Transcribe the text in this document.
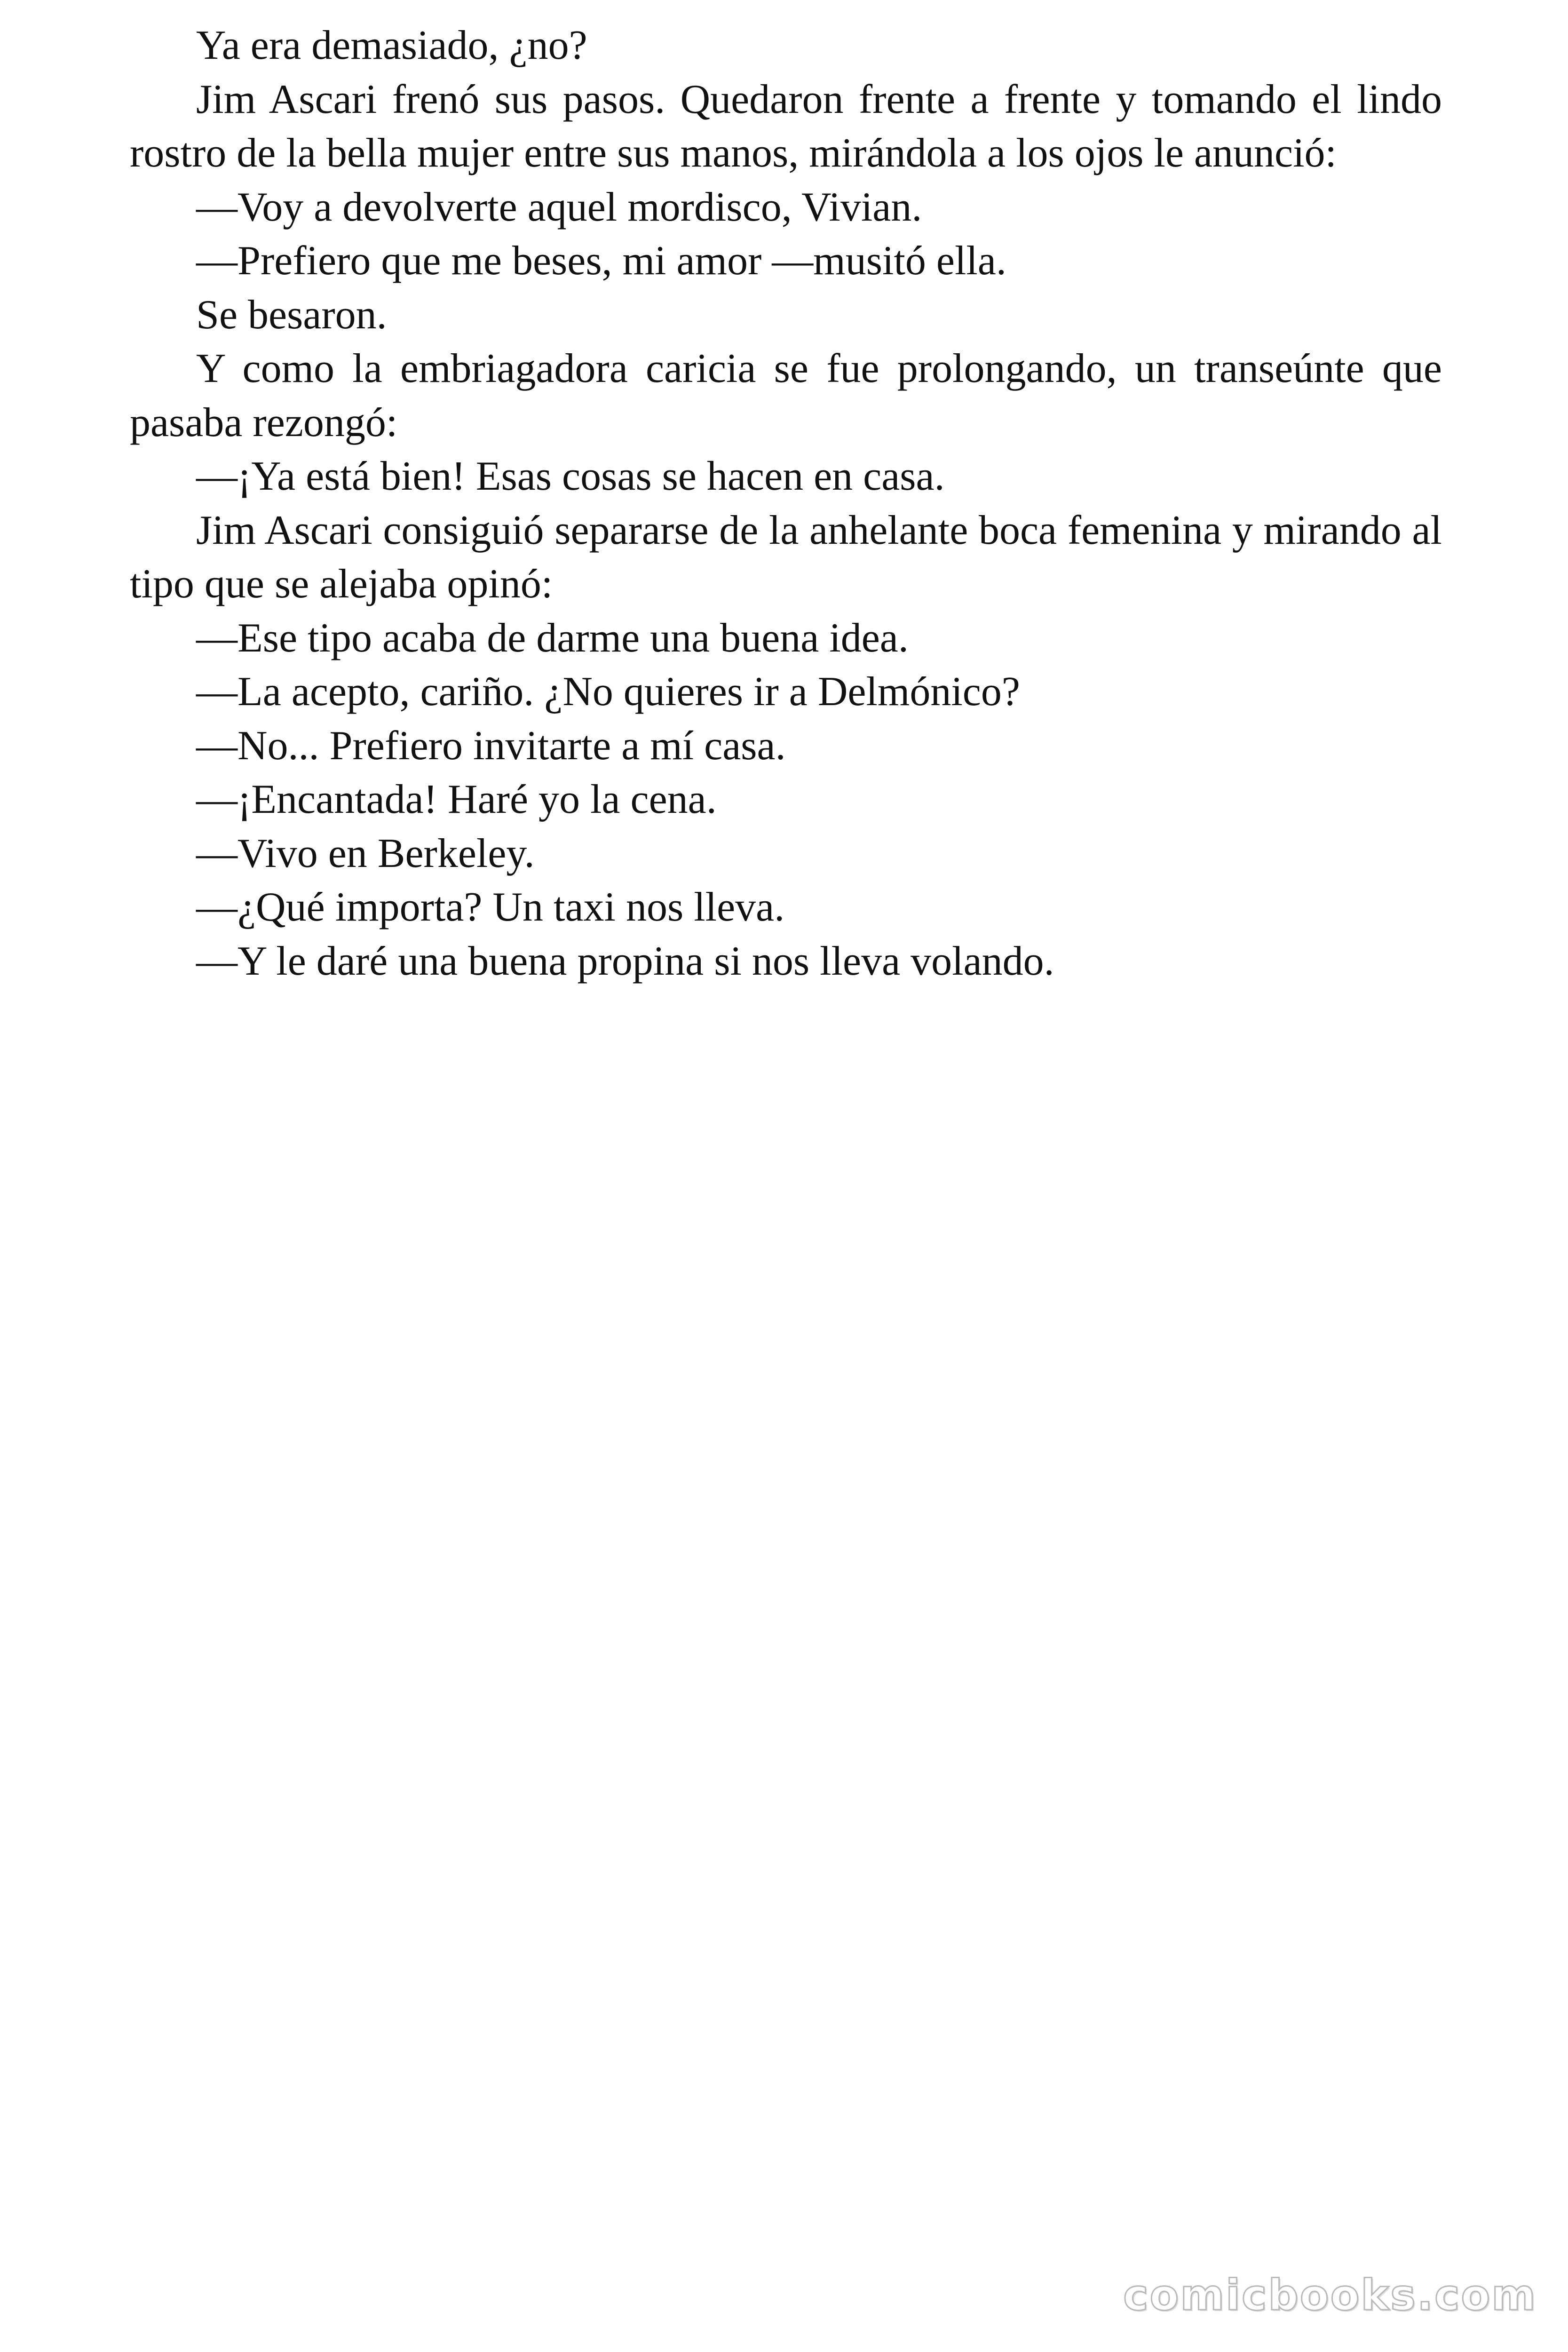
Ya era demasiado, ¿no?

Jim Ascari frenó sus pasos. Quedaron frente a frente y tomando el lindo rostro de la bella mujer entre sus manos, mirándola a los ojos le anunció:

—Voy a devolverte aquel mordisco, Vivian.

—Prefiero que me beses, mi amor —musitó ella.

Se besaron.

Y como la embriagadora caricia se fue prolongando, un transeúnte que pasaba rezongó:

—¡Ya está bien! Esas cosas se hacen en casa.

Jim Ascari consiguió separarse de la anhelante boca femenina y mirando al tipo que se alejaba opinó:

—Ese tipo acaba de darme una buena idea.

—La acepto, cariño. ¿No quieres ir a Delmónico?

—No... Prefiero invitarte a mí casa.

—¡Encantada! Haré yo la cena.

—Vivo en Berkeley.

—¿Qué importa? Un taxi nos lleva.

—Y le daré una buena propina si nos lleva volando.

comicbooks.com
